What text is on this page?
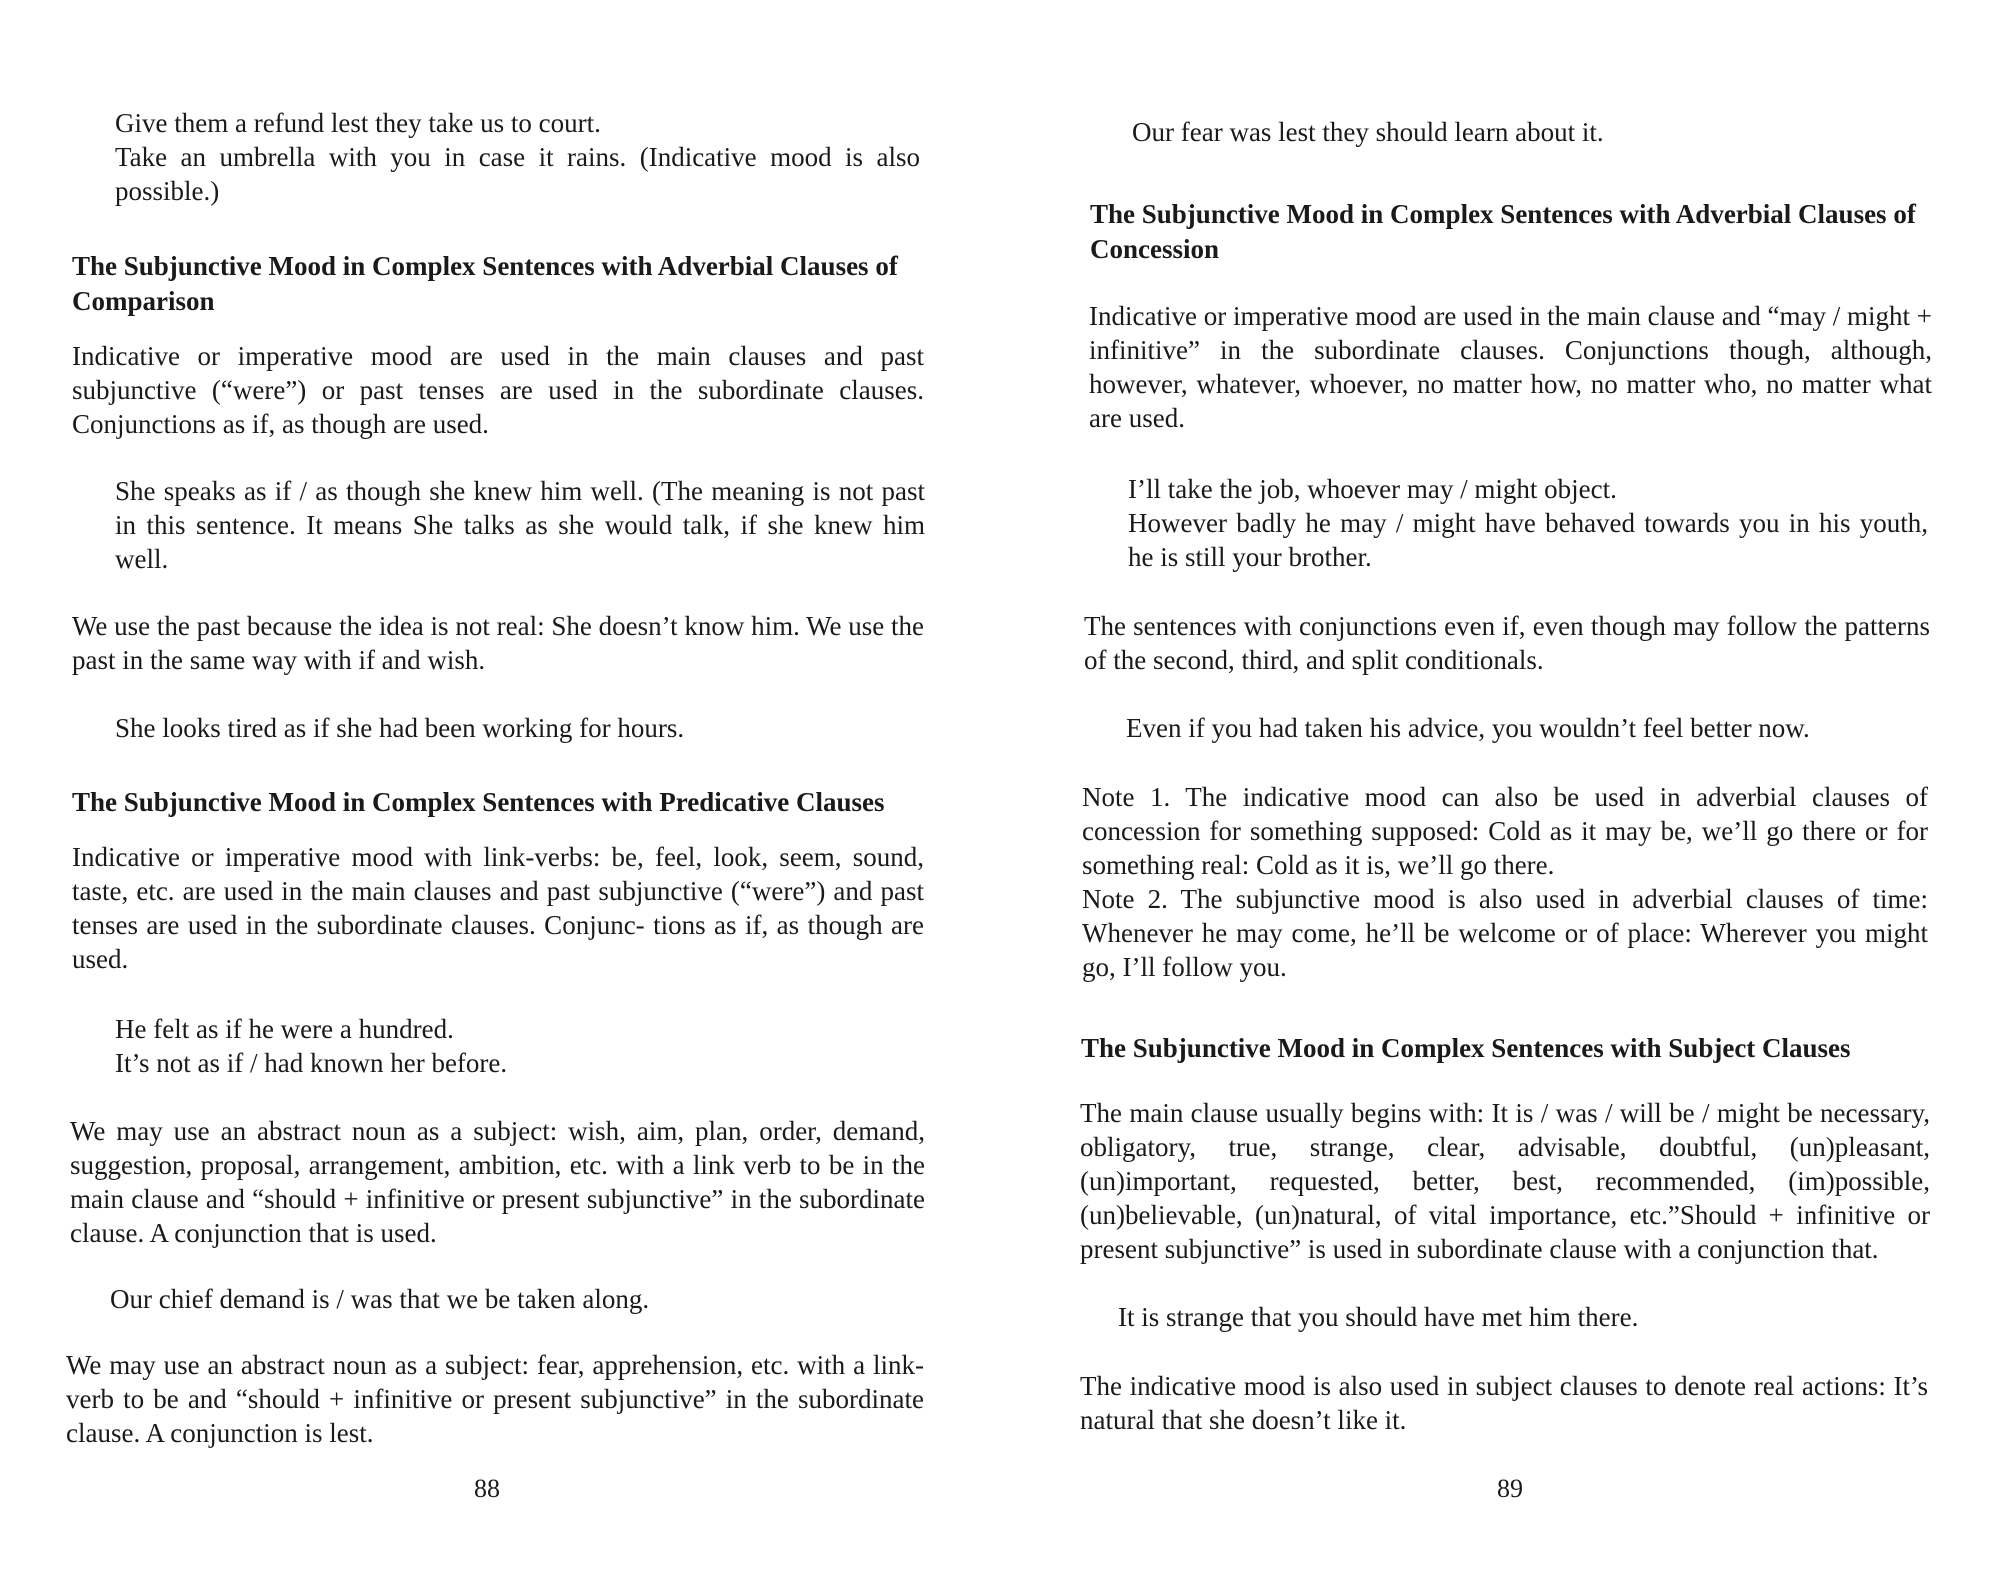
Give them a refund lest they take us to court.
Take an umbrella with you in case it rains. (Indicative mood is also possible.)
The Subjunctive Mood in Complex Sentences with Adverbial Clauses of Comparison

Indicative or imperative mood are used in the main clauses and past subjunctive (“were”) or past tenses are used in the subordinate clauses. Conjunctions as if, as though are used.

She speaks as if / as though she knew him well. (The meaning is not past in this sentence. It means She talks as she would talk, if she knew him well.

We use the past because the idea is not real: She doesn’t know him. We use the past in the same way with if and wish.

She looks tired as if she had been working for hours.

The Subjunctive Mood in Complex Sentences with Predicative Clauses

Indicative or imperative mood with link-verbs: be, feel, look, seem, sound, taste, etc. are used in the main clauses and past subjunctive (“were”) and past tenses are used in the subordinate clauses. Conjunc- tions as if, as though are used.

He felt as if he were a hundred.
It’s not as if / had known her before.

We may use an abstract noun as a subject: wish, aim, plan, order, demand, suggestion, proposal, arrangement, ambition, etc. with a link verb to be in the main clause and “should + infinitive or present subjunctive” in the subordinate clause. A conjunction that is used.

Our chief demand is / was that we be taken along.

We may use an abstract noun as a subject: fear, apprehension, etc. with a link-verb to be and “should + infinitive or present subjunctive” in the subordinate clause. A conjunction is lest.

88

Our fear was lest they should learn about it.

The Subjunctive Mood in Complex Sentences with Adverbial Clauses of Concession

Indicative or imperative mood are used in the main clause and “may / might + infinitive” in the subordinate clauses. Conjunctions though, although, however, whatever, whoever, no matter how, no matter who, no matter what are used.

I’ll take the job, whoever may / might object.
However badly he may / might have behaved towards you in his youth, he is still your brother.

The sentences with conjunctions even if, even though may follow the patterns of the second, third, and split conditionals.

Even if you had taken his advice, you wouldn’t feel better now.

Note 1. The indicative mood can also be used in adverbial clauses of concession for something supposed: Cold as it may be, we’ll go there or for something real: Cold as it is, we’ll go there.

Note 2. The subjunctive mood is also used in adverbial clauses of time: Whenever he may come, he’ll be welcome or of place: Wherever you might go, I’ll follow you.

The Subjunctive Mood in Complex Sentences with Subject Clauses

The main clause usually begins with: It is / was / will be / might be necessary, obligatory, true, strange, clear, advisable, doubtful, (un)pleasant, (un)important, requested, better, best, recommended, (im)possible, (un)believable, (un)natural, of vital importance, etc.”Should + infinitive or present subjunctive” is used in subordinate clause with a conjunction that.

It is strange that you should have met him there.

The indicative mood is also used in subject clauses to denote real actions: It’s natural that she doesn’t like it.

89
